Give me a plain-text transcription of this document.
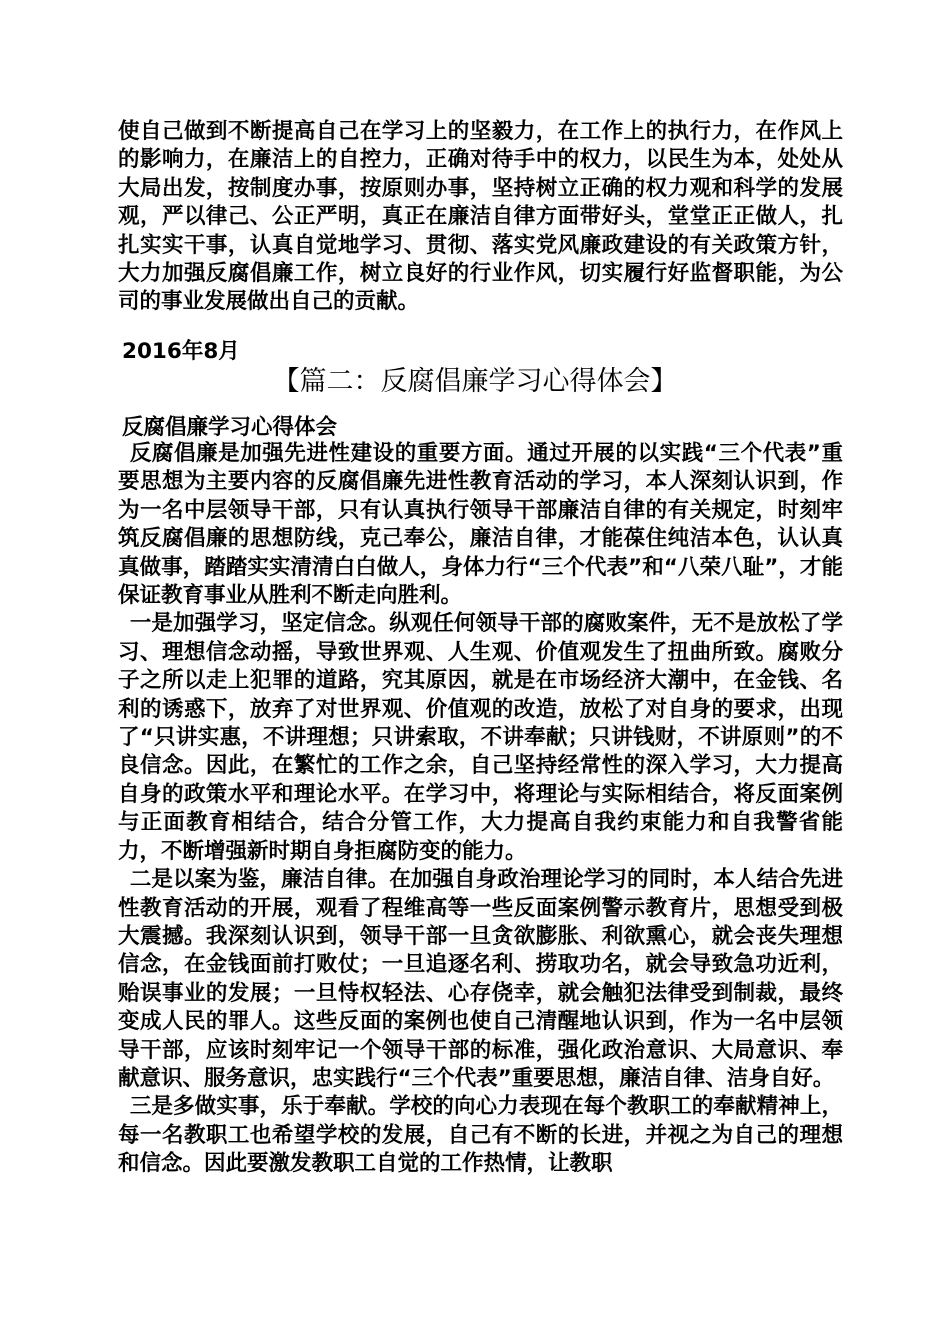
使自己做到不断提高自己在学习上的坚毅力，在工作上的执行力，在作风上的影响力，在廉洁上的自控力，正确对待手中的权力，以民生为本，处处从大局出发，按制度办事，按原则办事，坚持树立正确的权力观和科学的发展观，严以律己、公正严明，真正在廉洁自律方面带好头，堂堂正正做人，扎扎实实干事，认真自觉地学习、贯彻、落实党风廉政建设的有关政策方针，大力加强反腐倡廉工作，树立良好的行业作风，切实履行好监督职能，为公司的事业发展做出自己的贡献。

2016年8月
【篇二：反腐倡廉学习心得体会】
反腐倡廉学习心得体会

反腐倡廉是加强先进性建设的重要方面。通过开展的以实践“三个代表”重要思想为主要内容的反腐倡廉先进性教育活动的学习，本人深刻认识到，作为一名中层领导干部，只有认真执行领导干部廉洁自律的有关规定，时刻牢筑反腐倡廉的思想防线，克己奉公，廉洁自律，才能葆住纯洁本色，认认真真做事，踏踏实实清清白白做人，身体力行“三个代表”和“八荣八耻”，才能保证教育事业从胜利不断走向胜利。

一是加强学习，坚定信念。纵观任何领导干部的腐败案件，无不是放松了学习、理想信念动摇，导致世界观、人生观、价值观发生了扭曲所致。腐败分子之所以走上犯罪的道路，究其原因，就是在市场经济大潮中，在金钱、名利的诱惑下，放弃了对世界观、价值观的改造，放松了对自身的要求，出现了“只讲实惠，不讲理想；只讲索取，不讲奉献；只讲钱财，不讲原则”的不良信念。因此，在繁忙的工作之余，自己坚持经常性的深入学习，大力提高自身的政策水平和理论水平。在学习中，将理论与实际相结合，将反面案例与正面教育相结合，结合分管工作，大力提高自我约束能力和自我警省能力，不断增强新时期自身拒腐防变的能力。

二是以案为鉴，廉洁自律。在加强自身政治理论学习的同时，本人结合先进性教育活动的开展，观看了程维高等一些反面案例警示教育片，思想受到极大震撼。我深刻认识到，领导干部一旦贪欲膨胀、利欲熏心，就会丧失理想信念，在金钱面前打败仗；一旦追逐名利、捞取功名，就会导致急功近利，贻误事业的发展；一旦恃权轻法、心存侥幸，就会触犯法律受到制裁，最终变成人民的罪人。这些反面的案例也使自己清醒地认识到，作为一名中层领导干部，应该时刻牢记一个领导干部的标准，强化政治意识、大局意识、奉献意识、服务意识，忠实践行“三个代表”重要思想，廉洁自律、洁身自好。

三是多做实事，乐于奉献。学校的向心力表现在每个教职工的奉献精神上，每一名教职工也希望学校的发展，自己有不断的长进，并视之为自己的理想和信念。因此要激发教职工自觉的工作热情，让教职
